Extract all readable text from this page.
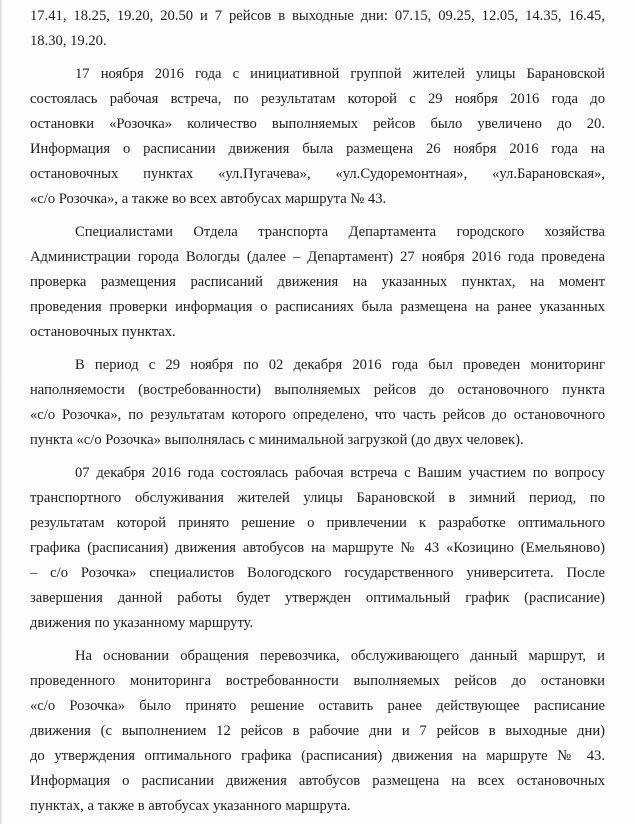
17.41, 18.25, 19.20, 20.50 и 7 рейсов в выходные дни: 07.15, 09.25, 12.05, 14.35, 16.45,
18.30, 19.20.
17 ноября 2016 года с инициативной группой жителей улицы Барановской
состоялась рабочая встреча, по результатам которой с 29 ноября 2016 года до
остановки «Розочка» количество выполняемых рейсов было увеличено до 20.
Информация о расписании движения была размещена 26 ноября 2016 года на
остановочных пунктах «ул.Пугачева», «ул.Судоремонтная», «ул.Барановская»,
«с/о Розочка», а также во всех автобусах маршрута № 43.
Специалистами Отдела транспорта Департамента городского хозяйства
Администрации города Вологды (далее – Департамент) 27 ноября 2016 года проведена
проверка размещения расписаний движения на указанных пунктах, на момент
проведения проверки информация о расписаниях была размещена на ранее указанных
остановочных пунктах.
В период с 29 ноября по 02 декабря 2016 года был проведен мониторинг
наполняемости (востребованности) выполняемых рейсов до остановочного пункта
«с/о Розочка», по результатам которого определено, что часть рейсов до остановочного
пункта «с/о Розочка» выполнялась с минимальной загрузкой (до двух человек).
07 декабря 2016 года состоялась рабочая встреча с Вашим участием по вопросу
транспортного обслуживания жителей улицы Барановской в зимний период, по
результатам которой принято решение о привлечении к разработке оптимального
графика (расписания) движения автобусов на маршруте № 43 «Козицино (Емельяново)
– с/о Розочка» специалистов Вологодского государственного университета. После
завершения данной работы будет утвержден оптимальный график (расписание)
движения по указанному маршруту.
На основании обращения перевозчика, обслуживающего данный маршрут, и
проведенного мониторинга востребованности выполняемых рейсов до остановки
«с/о Розочка» было принято решение оставить ранее действующее расписание
движения (с выполнением 12 рейсов в рабочие дни и 7 рейсов в выходные дни)
до утверждения оптимального графика (расписания) движения на маршруте № 43.
Информация о расписании движения автобусов размещена на всех остановочных
пунктах, а также в автобусах указанного маршрута.
